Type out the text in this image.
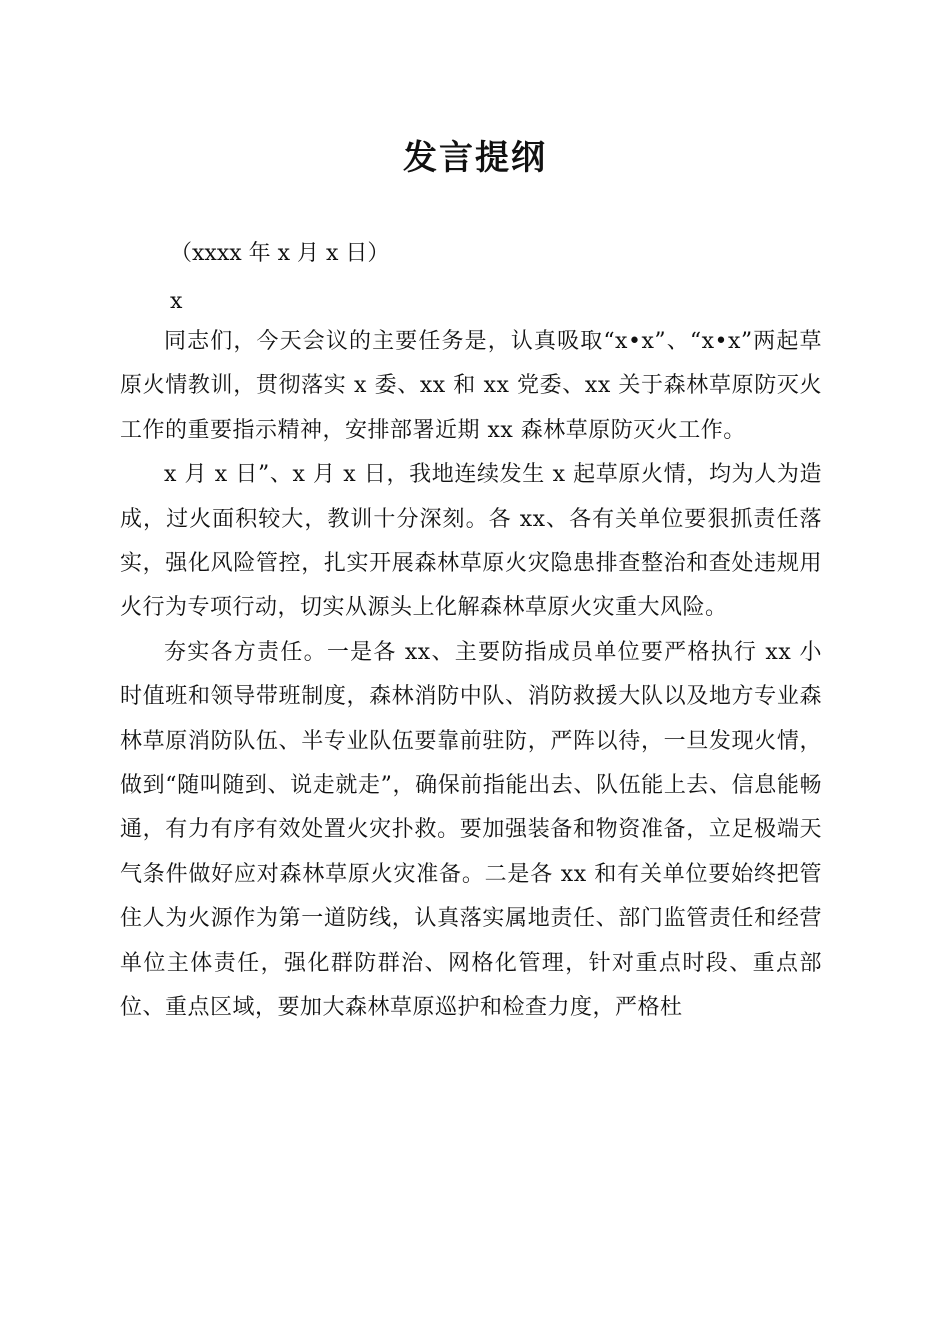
发言提纲
（xxxx 年 x 月 x 日）
x

同志们，今天会议的主要任务是，认真吸取“x•x”、“x•x”两起草原火情教训，贯彻落实 x 委、xx 和 xx 党委、xx 关于森林草原防灭火工作的重要指示精神，安排部署近期 xx 森林草原防灭火工作。

x 月 x 日”、x 月 x 日，我地连续发生 x 起草原火情，均为人为造成，过火面积较大，教训十分深刻。各 xx、各有关单位要狠抓责任落实，强化风险管控，扎实开展森林草原火灾隐患排查整治和查处违规用火行为专项行动，切实从源头上化解森林草原火灾重大风险。

夯实各方责任。一是各 xx、主要防指成员单位要严格执行 xx 小时值班和领导带班制度，森林消防中队、消防救援大队以及地方专业森林草原消防队伍、半专业队伍要靠前驻防，严阵以待，一旦发现火情，做到“随叫随到、说走就走”，确保前指能出去、队伍能上去、信息能畅通，有力有序有效处置火灾扑救。要加强装备和物资准备，立足极端天气条件做好应对森林草原火灾准备。二是各 xx 和有关单位要始终把管住人为火源作为第一道防线，认真落实属地责任、部门监管责任和经营单位主体责任，强化群防群治、网格化管理，针对重点时段、重点部位、重点区域，要加大森林草原巡护和检查力度，严格杜
